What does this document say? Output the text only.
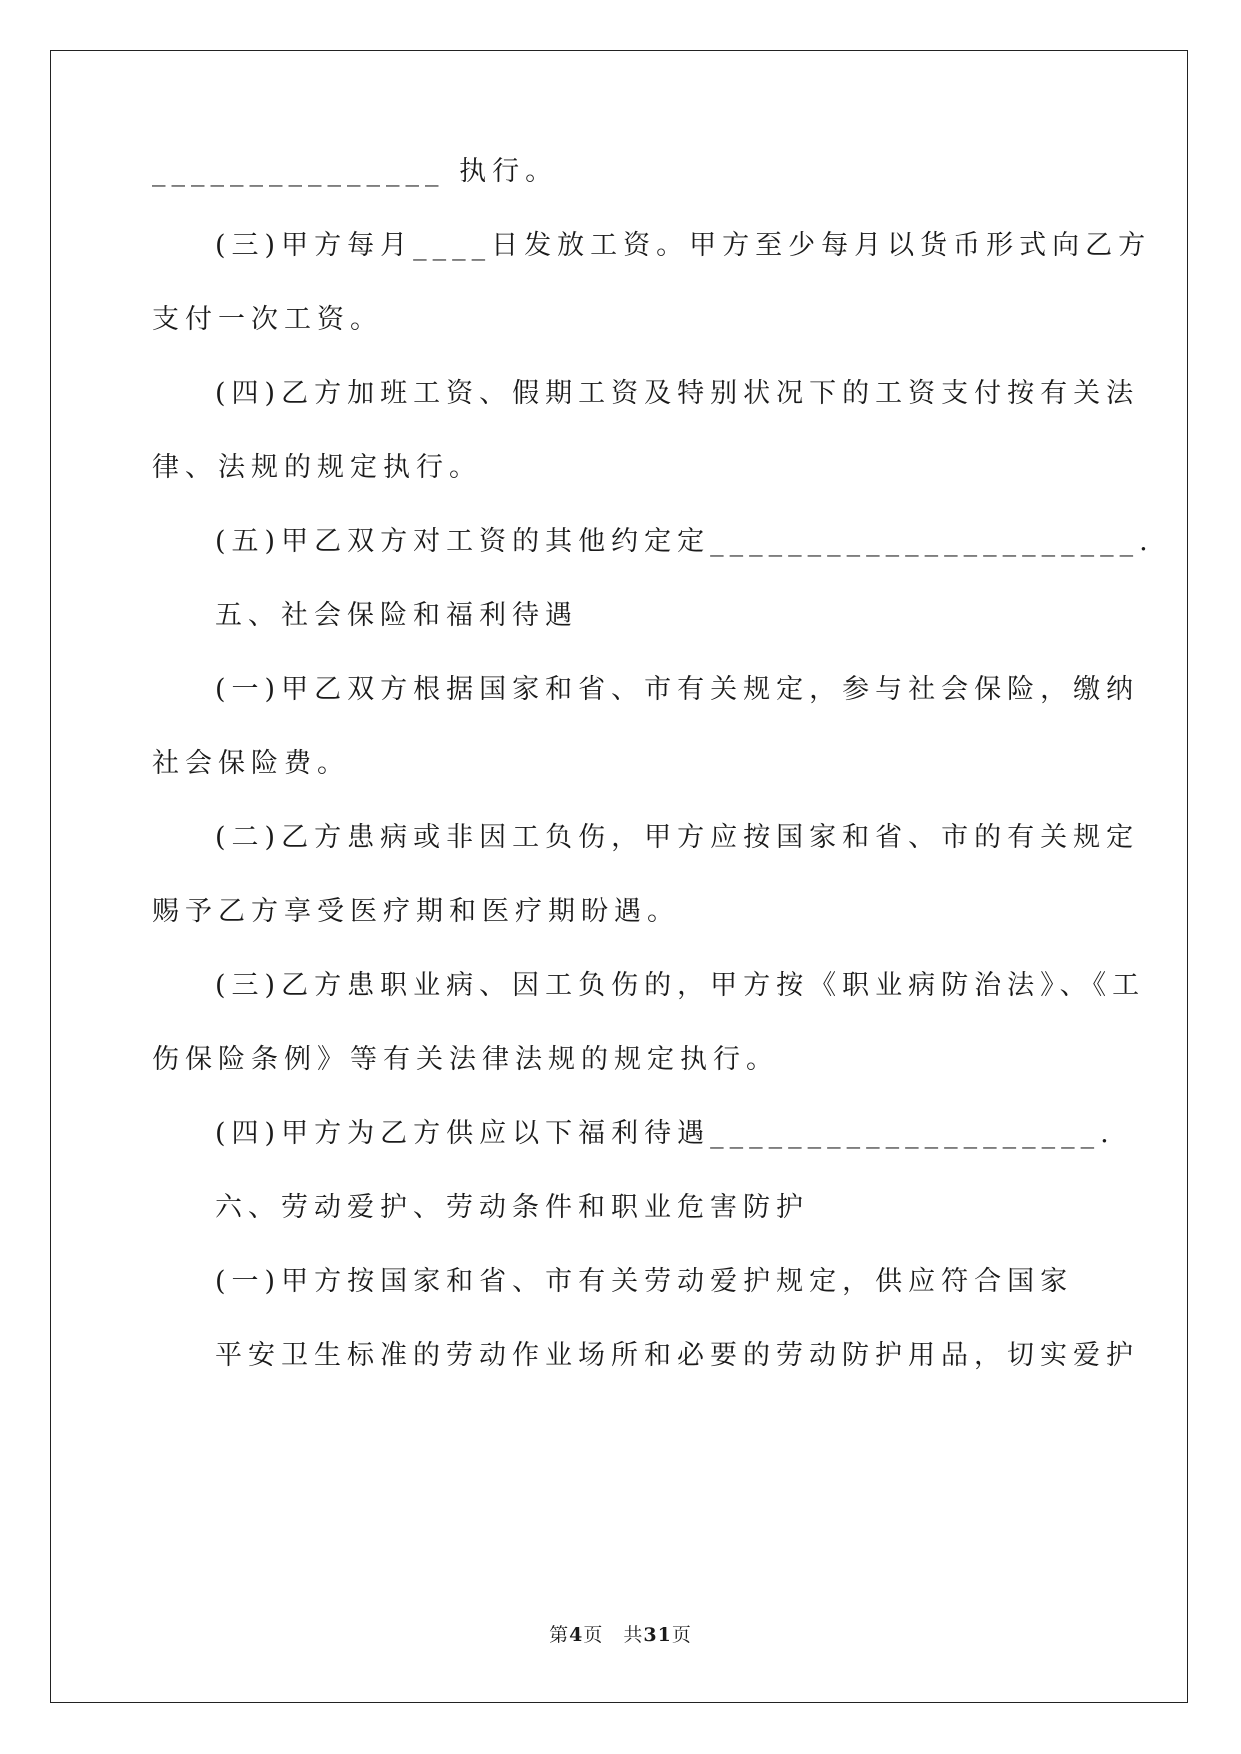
_______________ 执行。
(三)甲方每月____日发放工资。甲方至少每月以货币形式向乙方
支付一次工资。
(四)乙方加班工资、假期工资及特别状况下的工资支付按有关法
律、法规的规定执行。
(五)甲乙双方对工资的其他约定定______________________.
五、社会保险和福利待遇
(一)甲乙双方根据国家和省、市有关规定，参与社会保险，缴纳
社会保险费。
(二)乙方患病或非因工负伤，甲方应按国家和省、市的有关规定
赐予乙方享受医疗期和医疗期盼遇。
(三)乙方患职业病、因工负伤的，甲方按《职业病防治法》、《工
伤保险条例》等有关法律法规的规定执行。
(四)甲方为乙方供应以下福利待遇____________________.
六、劳动爱护、劳动条件和职业危害防护
(一)甲方按国家和省、市有关劳动爱护规定，供应符合国家
平安卫生标准的劳动作业场所和必要的劳动防护用品，切实爱护
第4页　共31页
